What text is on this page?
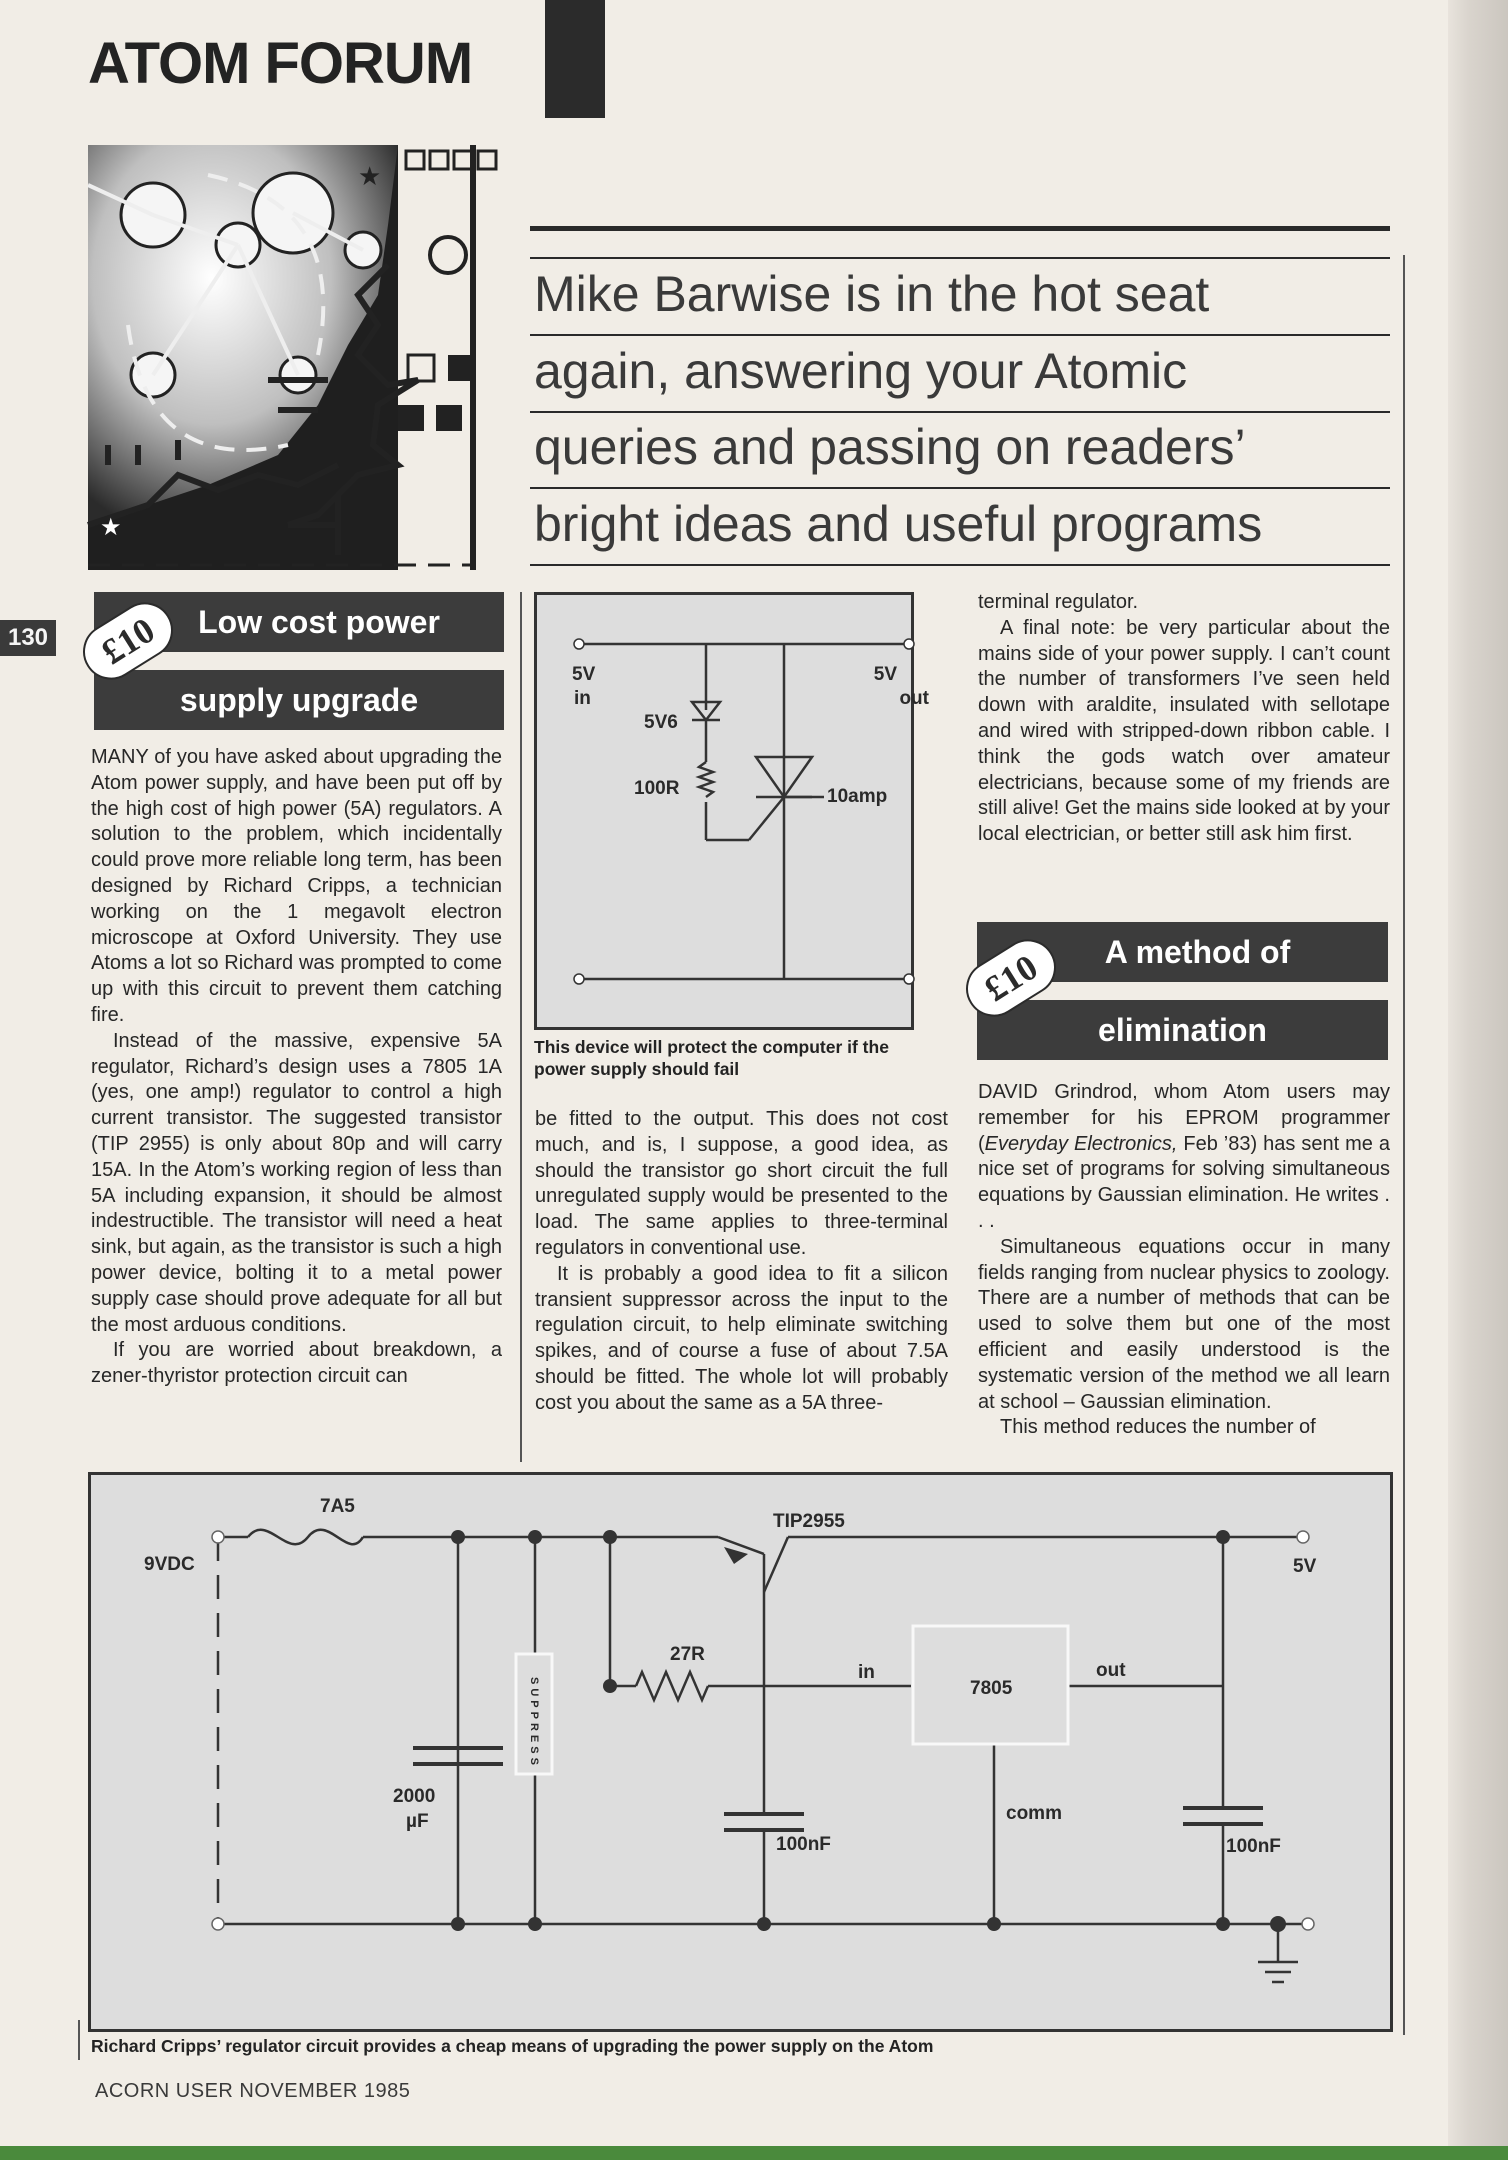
ATOM FORUM
130
★
★
Mike Barwise is in the hot seat
again, answering your Atomic
queries and passing on readers’
bright ideas and useful programs
Low cost power
supply upgrade
£10

MANY of you have asked about upgrading the Atom power supply, and have been put off by the high cost of high power (5A) regulators. A solution to the problem, which incidentally could prove more reliable long term, has been designed by Richard Cripps, a technician working on the 1 megavolt electron microscope at Oxford University. They use Atoms a lot so Richard was prompted to come up with this circuit to prevent them catching fire.

Instead of the massive, expensive 5A regulator, Richard’s design uses a 7805 1A (yes, one amp!) regulator to control a high current transistor. The suggested transistor (TIP 2955) is only about 80p and will carry 15A. In the Atom’s working region of less than 5A including expansion, it should be almost indestructible. The transistor will need a heat sink, but again, as the transistor is such a high power device, bolting it to a metal power supply case should prove adequate for all but the most arduous conditions.

If you are worried about breakdown, a zener-thyristor protection circuit can

5V
in
5V
out
5V6
100R	10amp
This device will protect the computer if the power supply should fail

be fitted to the output. This does not cost much, and is, I suppose, a good idea, as should the transistor go short circuit the full unregulated supply would be presented to the load. The same applies to three-terminal regulators in conventional use.

It is probably a good idea to fit a silicon transient suppressor across the input to the regulation circuit, to help eliminate switching spikes, and of course a fuse of about 7.5A should be fitted. The whole lot will probably cost you about the same as a 5A three-

terminal regulator.

A final note: be very particular about the mains side of your power supply. I can’t count the number of transformers I’ve seen held down with araldite, insulated with sellotape and wired with stripped-down ribbon cable. I think the gods watch over amateur electricians, because some of my friends are still alive! Get the mains side looked at by your local electrician, or better still ask him first.

A method of
elimination
£10

DAVID Grindrod, whom Atom users may remember for his EPROM programmer (Everyday Electronics, Feb ’83) has sent me a nice set of programs for solving simultaneous equations by Gaussian elimination. He writes . . .

Simultaneous equations occur in many fields ranging from nuclear physics to zoology. There are a number of methods that can be used to solve them but one of the most efficient and easily understood is the systematic version of the method we all learn at school – Gaussian elimination.

This method reduces the number of

7A5
9VDC
TIP2955
5V
27R
in
7805
out
2000
µF
100nF
comm
100nF
SUPPRESS
Richard Cripps’ regulator circuit provides a cheap means of upgrading the power supply on the Atom
ACORN USER NOVEMBER 1985
